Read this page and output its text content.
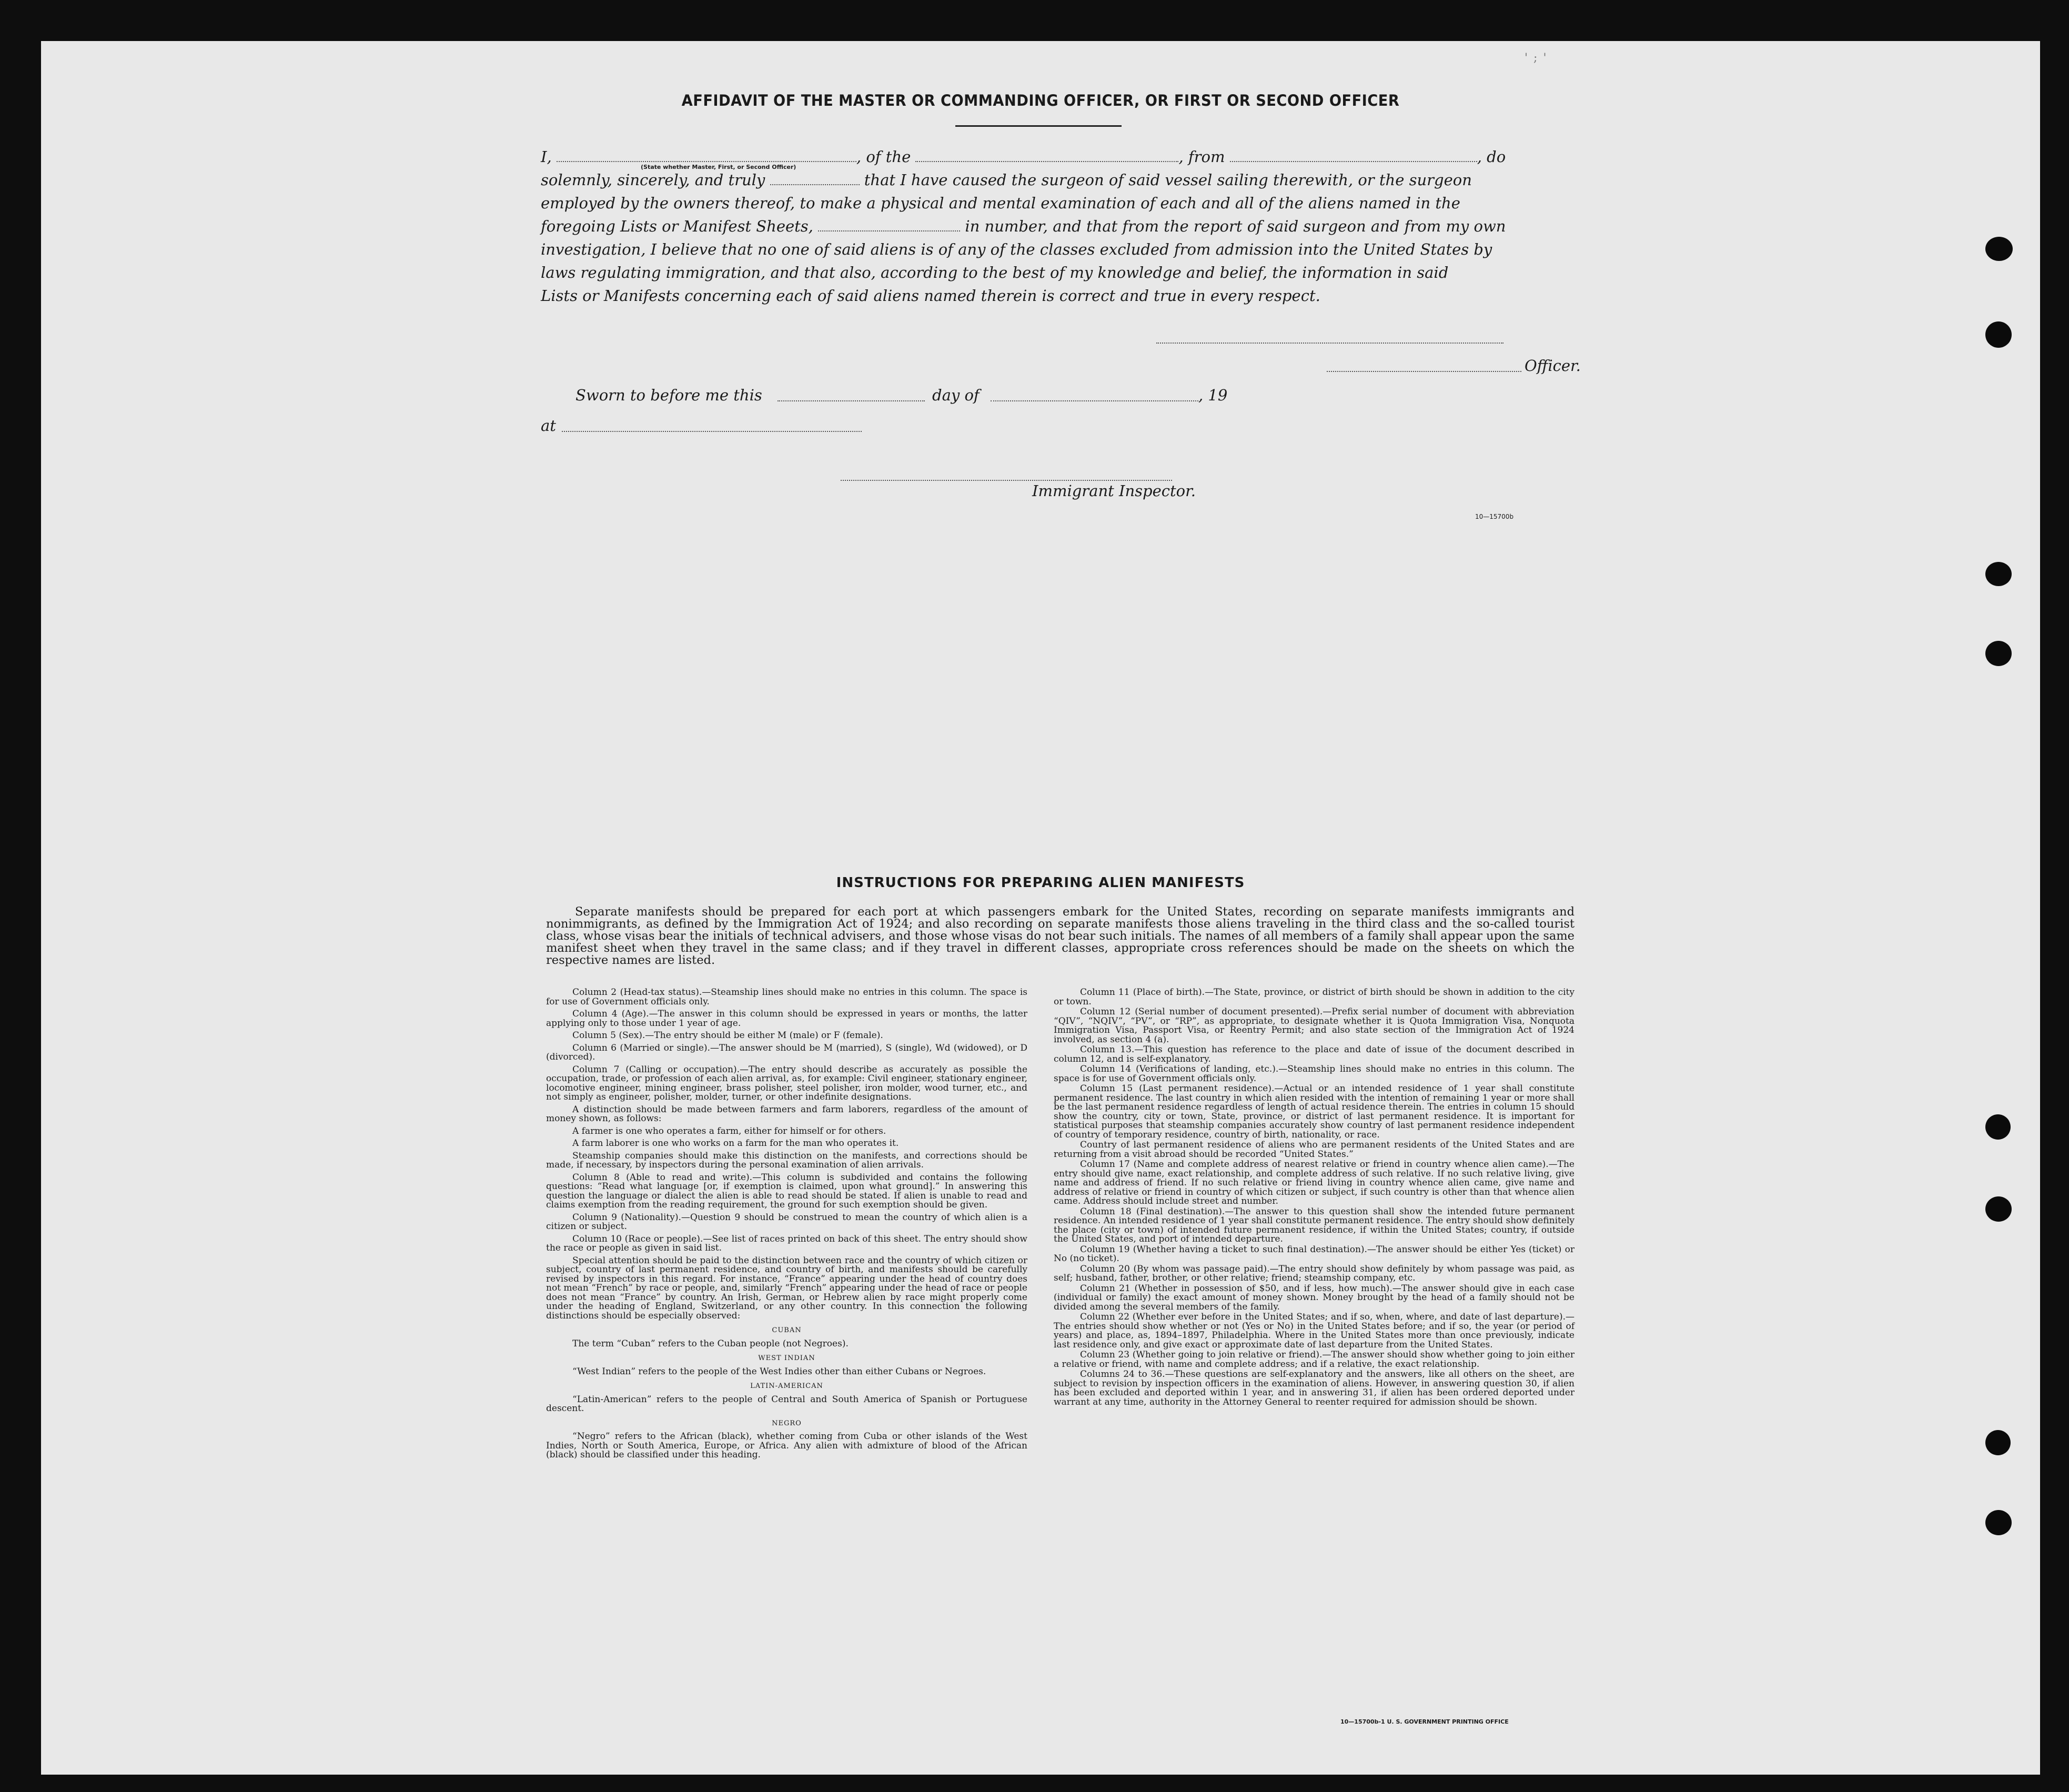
' ; '
AFFIDAVIT OF THE MASTER OR COMMANDING OFFICER, OR FIRST OR SECOND OFFICER
I,	, of the	, from	, do
(State whether Master, First, or Second Officer)
solemnly, sincerely, and truly	that I have caused the surgeon of said vessel sailing therewith, or the surgeon
employed by the owners thereof, to make a physical and mental examination of each and all of the aliens named in the
foregoing Lists or Manifest Sheets,	in number, and that from the report of said surgeon and from my own
investigation, I believe that no one of said aliens is of any of the classes excluded from admission into the United States by
laws regulating immigration, and that also, according to the best of my knowledge and belief, the information in said
Lists or Manifests concerning each of said aliens named therein is correct and true in every respect.
Officer.
Sworn to before me this	day of	, 19
at
Immigrant Inspector.
10—15700b
INSTRUCTIONS FOR PREPARING ALIEN MANIFESTS

Separate manifests should be prepared for each port at which passengers embark for the United States, recording on separate manifests immigrants and nonimmigrants, as defined by the Immigration Act of 1924; and also recording on separate manifests those aliens traveling in the third class and the so-called tourist class, whose visas bear the initials of technical advisers, and those whose visas do not bear such initials. The names of all members of a family shall appear upon the same manifest sheet when they travel in the same class; and if they travel in different classes, appropriate cross references should be made on the sheets on which the respective names are listed.

Column 2 (Head-tax status).—Steamship lines should make no entries in this column. The space is for use of Government officials only.

Column 4 (Age).—The answer in this column should be expressed in years or months, the latter applying only to those under 1 year of age.

Column 5 (Sex).—The entry should be either M (male) or F (female).

Column 6 (Married or single).—The answer should be M (married), S (single), Wd (widowed), or D (divorced).

Column 7 (Calling or occupation).—The entry should describe as accurately as possible the occupation, trade, or profession of each alien arrival, as, for example: Civil engineer, stationary engineer, locomotive engineer, mining engineer, brass polisher, steel polisher, iron molder, wood turner, etc., and not simply as engineer, polisher, molder, turner, or other indefinite designations.

A distinction should be made between farmers and farm laborers, regardless of the amount of money shown, as follows:

A farmer is one who operates a farm, either for himself or for others.

A farm laborer is one who works on a farm for the man who operates it.

Steamship companies should make this distinction on the manifests, and corrections should be made, if necessary, by inspectors during the personal examination of alien arrivals.

Column 8 (Able to read and write).—This column is subdivided and contains the following questions: “Read what language [or, if exemption is claimed, upon what ground].” In answering this question the language or dialect the alien is able to read should be stated. If alien is unable to read and claims exemption from the reading requirement, the ground for such exemption should be given.

Column 9 (Nationality).—Question 9 should be construed to mean the country of which alien is a citizen or subject.

Column 10 (Race or people).—See list of races printed on back of this sheet. The entry should show the race or people as given in said list.

Special attention should be paid to the distinction between race and the country of which citizen or subject, country of last permanent residence, and country of birth, and manifests should be carefully revised by inspectors in this regard. For instance, “France” appearing under the head of country does not mean “French” by race or people, and, similarly “French” appearing under the head of race or people does not mean “France” by country. An Irish, German, or Hebrew alien by race might properly come under the heading of England, Switzerland, or any other country. In this connection the following distinctions should be especially observed:

CUBAN

The term “Cuban” refers to the Cuban people (not Negroes).

WEST INDIAN

“West Indian” refers to the people of the West Indies other than either Cubans or Negroes.

LATIN-AMERICAN

“Latin-American” refers to the people of Central and South America of Spanish or Portuguese descent.

NEGRO

“Negro” refers to the African (black), whether coming from Cuba or other islands of the West Indies, North or South America, Europe, or Africa. Any alien with admixture of blood of the African (black) should be classified under this heading.

Column 11 (Place of birth).—The State, province, or district of birth should be shown in addition to the city or town.

Column 12 (Serial number of document presented).—Prefix serial number of document with abbreviation “QIV”, “NQIV”, “PV”, or “RP”, as appropriate, to designate whether it is Quota Immigration Visa, Nonquota Immigration Visa, Passport Visa, or Reentry Permit; and also state section of the Immigration Act of 1924 involved, as section 4 (a).

Column 13.—This question has reference to the place and date of issue of the document described in column 12, and is self-explanatory.

Column 14 (Verifications of landing, etc.).—Steamship lines should make no entries in this column. The space is for use of Government officials only.

Column 15 (Last permanent residence).—Actual or an intended residence of 1 year shall constitute permanent residence. The last country in which alien resided with the intention of remaining 1 year or more shall be the last permanent residence regardless of length of actual residence therein. The entries in column 15 should show the country, city or town, State, province, or district of last permanent residence. It is important for statistical purposes that steamship companies accurately show country of last permanent residence independent of country of temporary residence, country of birth, nationality, or race.

Country of last permanent residence of aliens who are permanent residents of the United States and are returning from a visit abroad should be recorded “United States.”

Column 17 (Name and complete address of nearest relative or friend in country whence alien came).—The entry should give name, exact relationship, and complete address of such relative. If no such relative living, give name and address of friend. If no such relative or friend living in country whence alien came, give name and address of relative or friend in country of which citizen or subject, if such country is other than that whence alien came. Address should include street and number.

Column 18 (Final destination).—The answer to this question shall show the intended future permanent residence. An intended residence of 1 year shall constitute permanent residence. The entry should show definitely the place (city or town) of intended future permanent residence, if within the United States; country, if outside the United States, and port of intended departure.

Column 19 (Whether having a ticket to such final destination).—The answer should be either Yes (ticket) or No (no ticket).

Column 20 (By whom was passage paid).—The entry should show definitely by whom passage was paid, as self; husband, father, brother, or other relative; friend; steamship company, etc.

Column 21 (Whether in possession of $50, and if less, how much).—The answer should give in each case (individual or family) the exact amount of money shown. Money brought by the head of a family should not be divided among the several members of the family.

Column 22 (Whether ever before in the United States; and if so, when, where, and date of last departure).—The entries should show whether or not (Yes or No) in the United States before; and if so, the year (or period of years) and place, as, 1894–1897, Philadelphia. Where in the United States more than once previously, indicate last residence only, and give exact or approximate date of last departure from the United States.

Column 23 (Whether going to join relative or friend).—The answer should show whether going to join either a relative or friend, with name and complete address; and if a relative, the exact relationship.

Columns 24 to 36.—These questions are self-explanatory and the answers, like all others on the sheet, are subject to revision by inspection officers in the examination of aliens. However, in answering question 30, if alien has been excluded and deported within 1 year, and in answering 31, if alien has been ordered deported under warrant at any time, authority in the Attorney General to reenter required for admission should be shown.

10—15700b-1 U. S. GOVERNMENT PRINTING OFFICE
